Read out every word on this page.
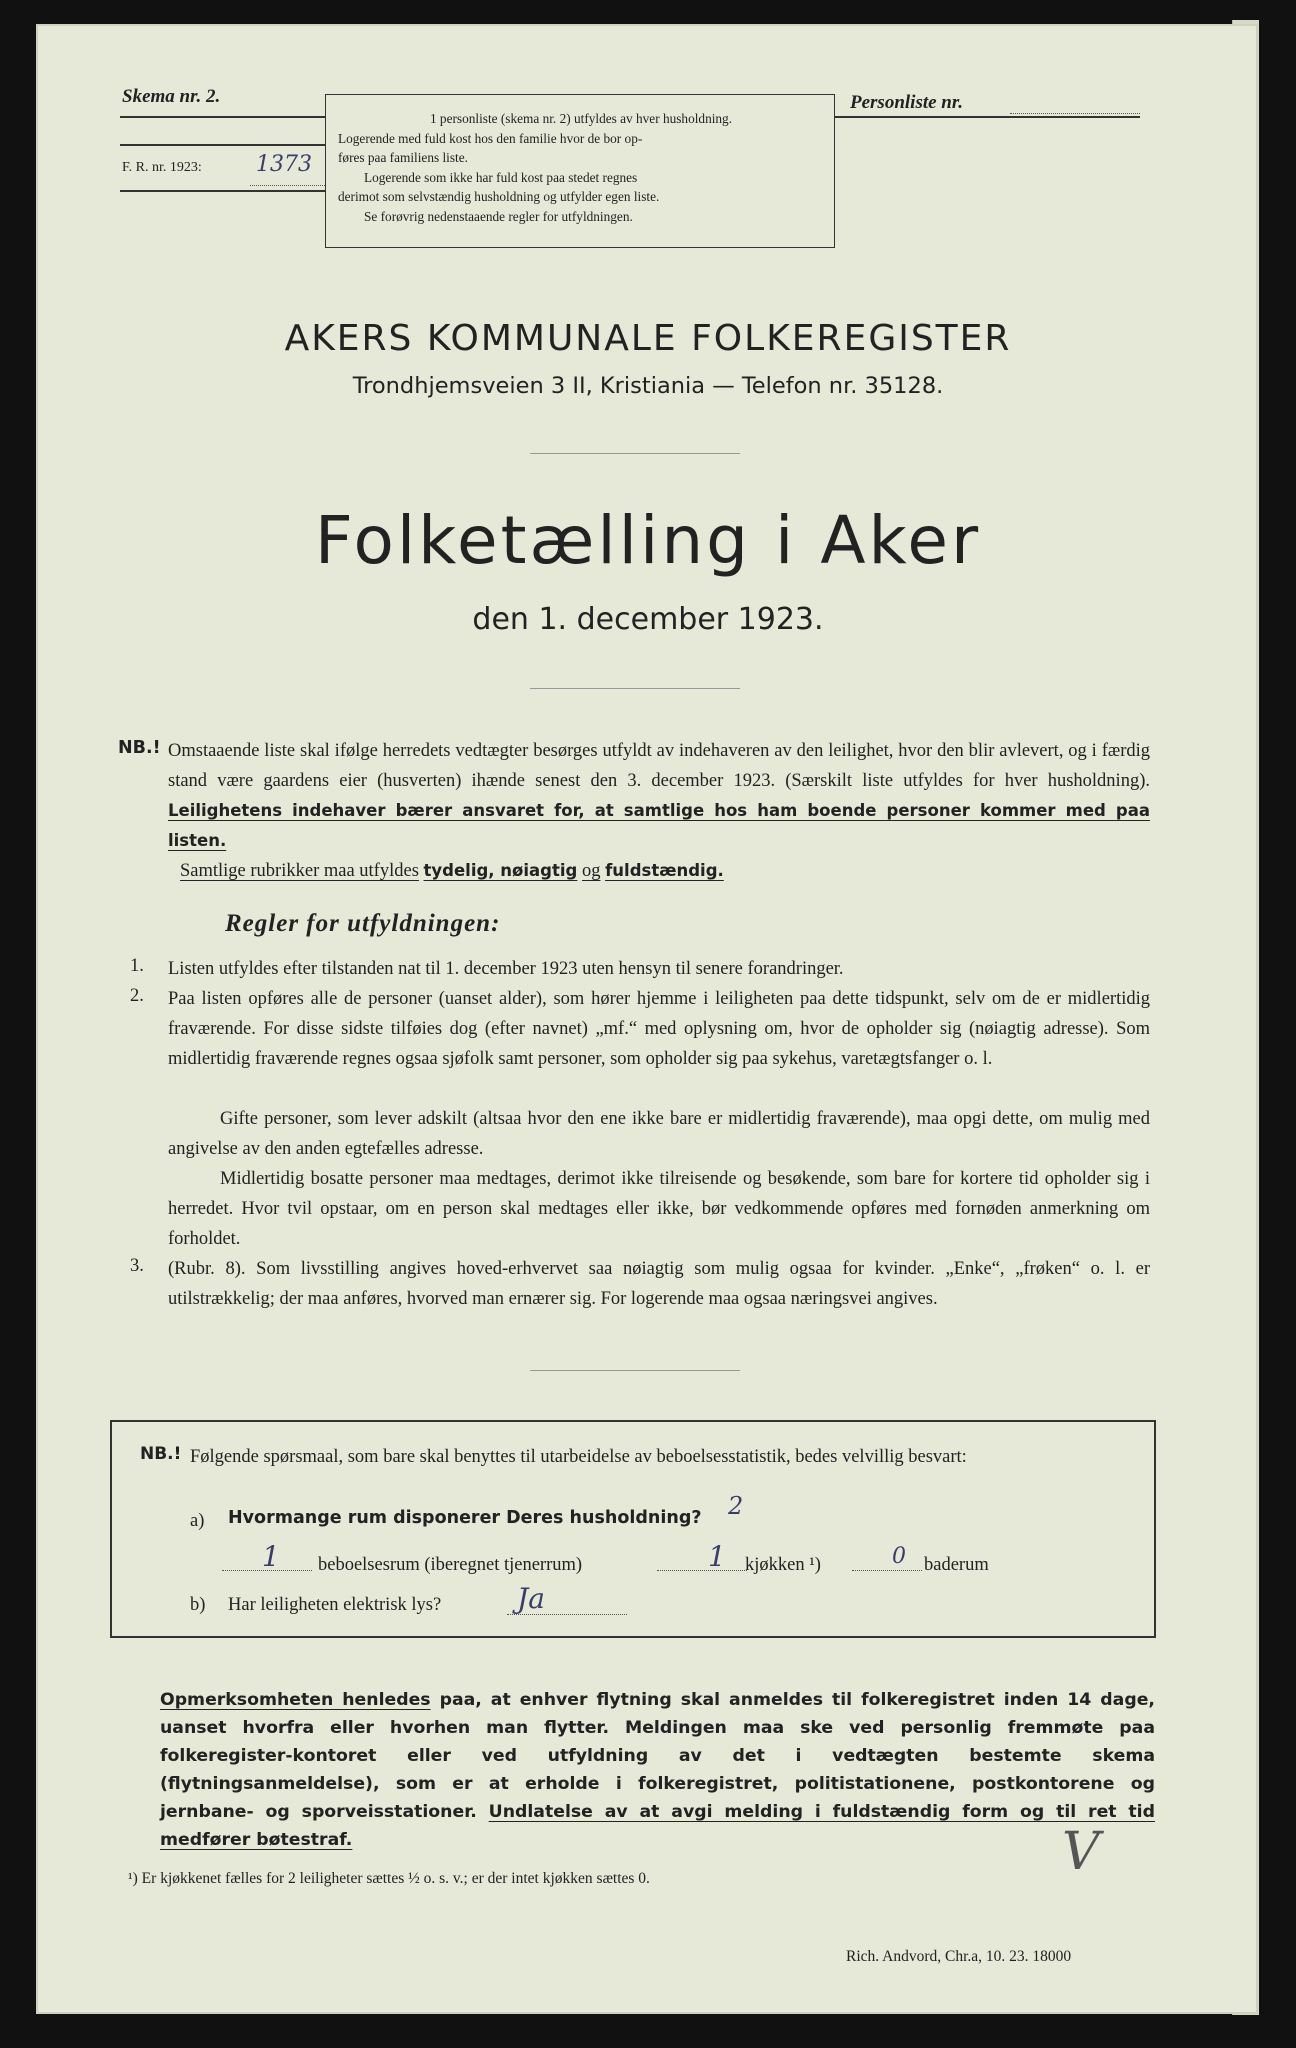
Skema nr. 2.
F. R. nr. 1923: 1373
1 personliste (skema nr. 2) utfyldes av hver husholdning.
Logerende med fuld kost hos den familie hvor de bor op-
føres paa familiens liste.
Logerende som ikke har fuld kost paa stedet regnes
derimot som selvstændig husholdning og utfylder egen liste.
Se forøvrig nedenstaaende regler for utfyldningen.
Personliste nr.
AKERS KOMMUNALE FOLKEREGISTER
Trondhjemsveien 3 II, Kristiania — Telefon nr. 35128.
Folketælling i Aker
den 1. december 1923.
NB.! Omstaaende liste skal ifølge herredets vedtægter besørges utfyldt av indehaveren av den leilighet, hvor den blir avlevert, og i færdig stand være gaardens eier (husverten) ihænde senest den 3. december 1923. (Særskilt liste utfyldes for hver husholdning). Leilighetens indehaver bærer ansvaret for, at samtlige hos ham boende personer kommer med paa listen.
Samtlige rubrikker maa utfyldes tydelig, nøiagtig og fuldstændig.
Regler for utfyldningen:
1. Listen utfyldes efter tilstanden nat til 1. december 1923 uten hensyn til senere forandringer.
2. Paa listen opføres alle de personer (uanset alder), som hører hjemme i leiligheten paa dette tidspunkt, selv om de er midlertidig fraværende. For disse sidste tilføies dog (efter navnet) „mf.“ med oplysning om, hvor de opholder sig (nøiagtig adresse). Som midlertidig fraværende regnes ogsaa sjøfolk samt personer, som opholder sig paa sykehus, varetægtsfanger o. l.
Gifte personer, som lever adskilt (altsaa hvor den ene ikke bare er midlertidig fraværende), maa opgi dette, om mulig med angivelse av den anden egtefælles adresse.
Midlertidig bosatte personer maa medtages, derimot ikke tilreisende og besøkende, som bare for kortere tid opholder sig i herredet. Hvor tvil opstaar, om en person skal medtages eller ikke, bør vedkommende opføres med fornøden anmerkning om forholdet.
3. (Rubr. 8). Som livsstilling angives hoved-erhvervet saa nøiagtig som mulig ogsaa for kvinder. „Enke“, „frøken“ o. l. er utilstrækkelig; der maa anføres, hvorved man ernærer sig. For logerende maa ogsaa næringsvei angives.
NB.! Følgende spørsmaal, som bare skal benyttes til utarbeidelse av beboelsesstatistik, bedes velvillig besvart:
a) Hvormange rum disponerer Deres husholdning? 2
1 beboelsesrum (iberegnet tjenerrum)	1 kjøkken ¹)	0 baderum
b) Har leiligheten elektrisk lys?	Ja
Opmerksomheten henledes paa, at enhver flytning skal anmeldes til folkeregistret inden 14 dage, uanset hvorfra eller hvorhen man flytter. Meldingen maa ske ved personlig fremmøte paa folkeregister-kontoret eller ved utfyldning av det i vedtægten bestemte skema (flytningsanmeldelse), som er at erholde i folkeregistret, politistationene, postkontorene og jernbane- og sporveisstationer. Undlatelse av at avgi melding i fuldstændig form og til ret tid medfører bøtestraf.	V
¹) Er kjøkkenet fælles for 2 leiligheter sættes ½ o. s. v.; er der intet kjøkken sættes 0.
Rich. Andvord, Chr.a, 10. 23. 18000
